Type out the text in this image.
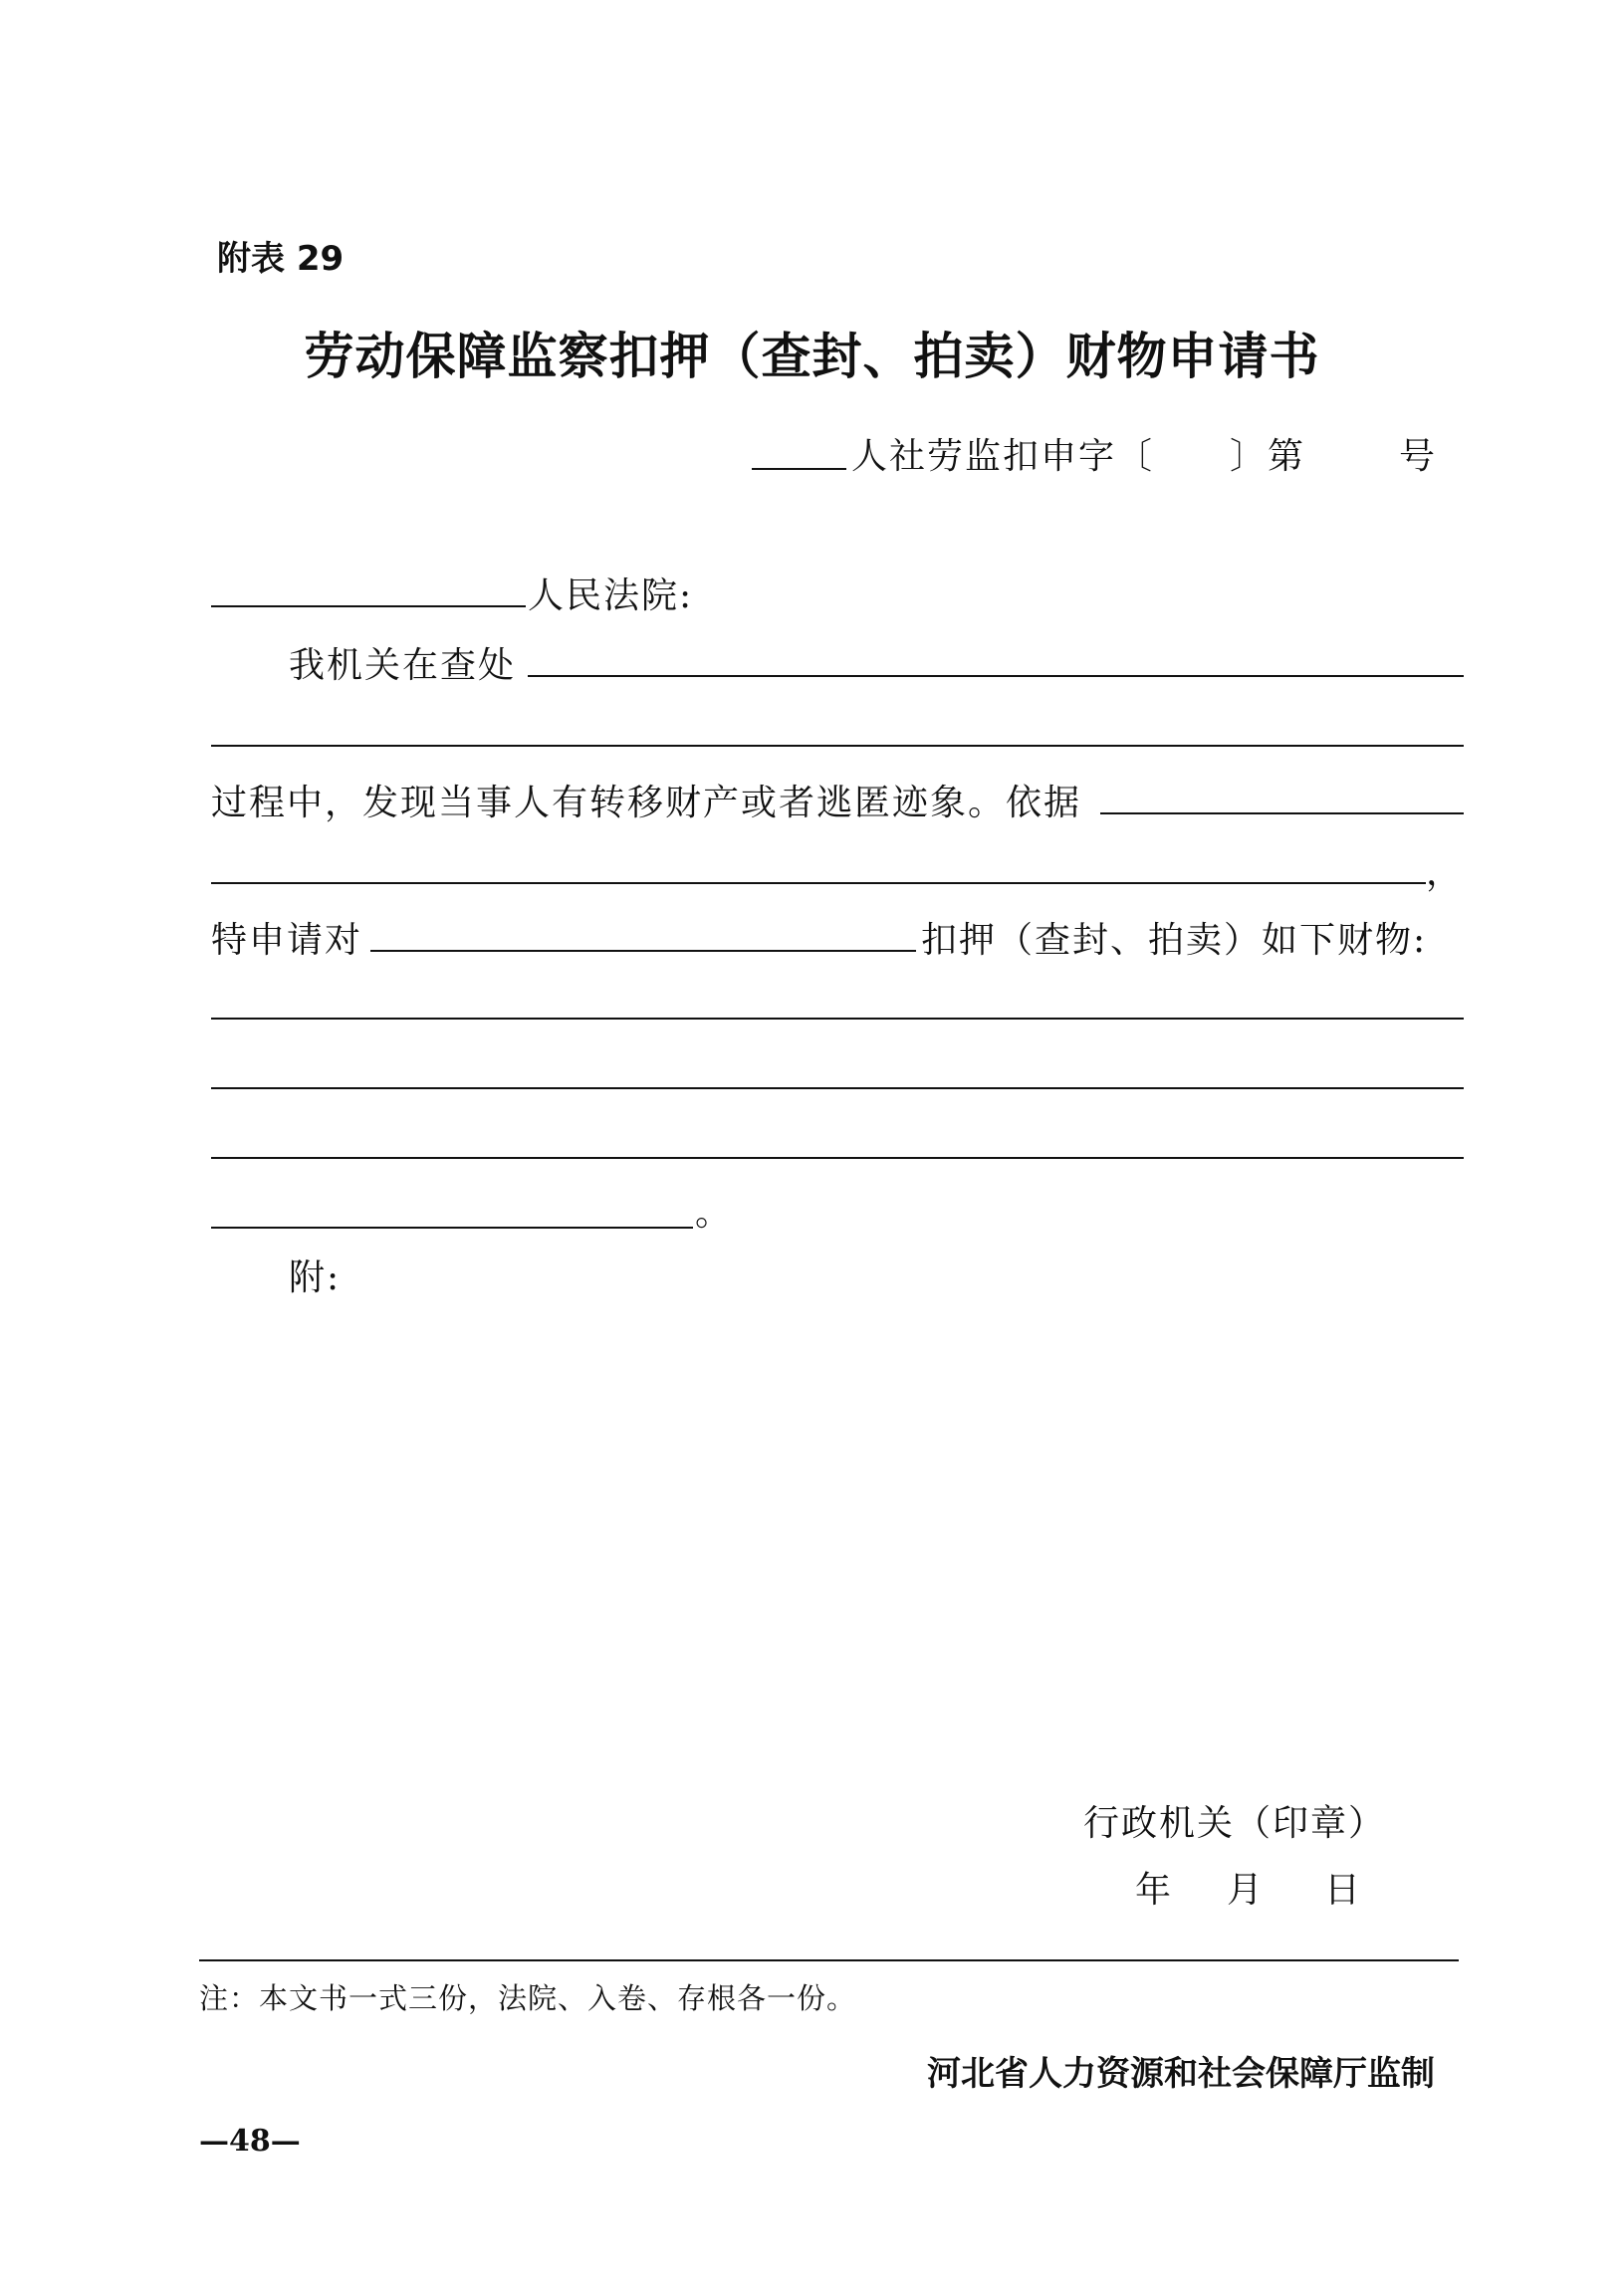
附表 29
劳动保障监察扣押（查封、拍卖）财物申请书
人社劳监扣申字〔　　〕第	号
人民法院:
我机关在查处
过程中，发现当事人有转移财产或者逃匿迹象。依据
，
特申请对	扣押（查封、拍卖）如下财物:
。
附:
行政机关（印章）
年 月 日
注：本文书一式三份，法院、入卷、存根各一份。
河北省人力资源和社会保障厅监制
—48—
